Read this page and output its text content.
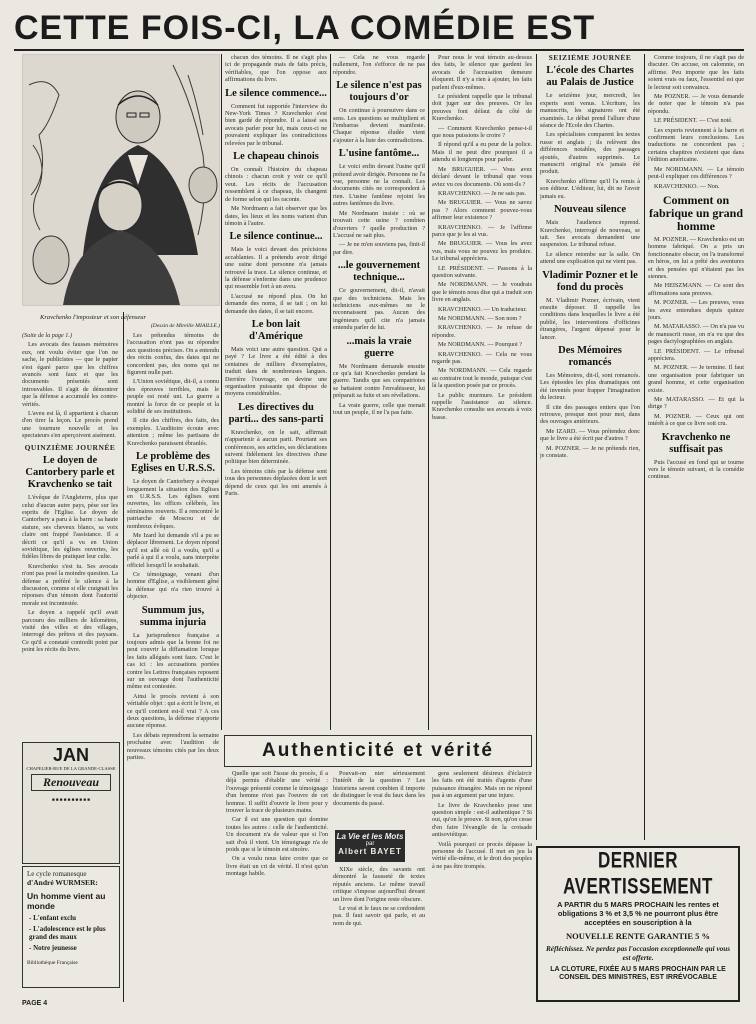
CETTE FOIS-CI, LA COMÉDIE EST
Kravchenko l'imposteur et son défenseur
(Dessin de Mireille MIAILLE.)

(Suite de la page 1.)

Les avocats des fausses mémoires eux, ont voulu éviter que l'on ne sache, le publicistes — que le papier s'est égaré parce que les chiffres avancés sont faux et que les documents présentés sont introuvables. Il s'agit de démontrer que la défense a accumulé les contre-vérités.

L'aveu est là, il appartient à chacun d'en tirer la leçon. Le procès prend une tournure nouvelle et les spectateurs s'en aperçoivent aisément.

QUINZIÈME JOURNÉE
Le doyen de Cantorbery parle et Kravchenko se tait

L'évêque de l'Angleterre, plus que celui d'aucun autre pays, pèse sur les esprits de l'Eglise. Le doyen de Cantorbery a paru à la barre : sa haute stature, ses cheveux blancs, sa voix claire ont frappé l'assistance. Il a décrit ce qu'il a vu en Union soviétique, les églises ouvertes, les fidèles libres de pratiquer leur culte.

Kravchenko s'est tu. Ses avocats n'ont pas posé la moindre question. La défense a préféré le silence à la discussion, comme si elle craignait les réponses d'un témoin dont l'autorité morale est incontestée.

Le doyen a rappelé qu'il avait parcouru des milliers de kilomètres, visité des villes et des villages, interrogé des prêtres et des paysans. Ce qu'il a constaté contredit point par point les récits du livre.

Les prétendus témoins de l'accusation n'ont pas su répondre aux questions précises. On a entendu des récits confus, des dates qui ne concordent pas, des noms qui ne figurent nulle part.

L'Union soviétique, dit-il, a connu des épreuves terribles, mais le peuple est resté uni. La guerre a montré la force de ce peuple et la solidité de ses institutions.

Il cite des chiffres, des faits, des exemples. L'auditoire écoute avec attention ; même les partisans de Kravchenko paraissent ébranlés.

Le problème des Eglises en U.R.S.S.

Le doyen de Cantorbery a évoqué longuement la situation des Eglises en U.R.S.S. Les églises sont ouvertes, les offices célébrés, les séminaires rouverts. Il a rencontré le patriarche de Moscou et de nombreux évêques.

Me Izard lui demande s'il a pu se déplacer librement. Le doyen répond qu'il est allé où il a voulu, qu'il a parlé à qui il a voulu, sans interprète officiel lorsqu'il le souhaitait.

Ce témoignage, venant d'un homme d'Eglise, a visiblement gêné la défense qui n'a rien trouvé à objecter.

Summum jus, summa injuria

La jurisprudence française a toujours admis que la bonne foi ne peut couvrir la diffamation lorsque les faits allégués sont faux. C'est le cas ici : les accusations portées contre les Lettres françaises reposent sur un ouvrage dont l'authenticité même est contestée.

Ainsi le procès revient à son véritable objet : qui a écrit le livre, et ce qu'il contient est-il vrai ? A ces deux questions, la défense n'apporte aucune réponse.

Les débats reprendront la semaine prochaine avec l'audition de nouveaux témoins cités par les deux parties.

chacun des témoins. Il ne s'agit plus ici de propagande mais de faits précis, vérifiables, que l'on oppose aux affirmations du livre.

Le silence commence...

Comment fut rapportée l'interview du New-York Times ? Kravchenko s'est bien gardé de répondre. Il a laissé ses avocats parler pour lui, mais ceux-ci ne pouvaient expliquer les contradictions relevées par le tribunal.

Le chapeau chinois

On connaît l'histoire du chapeau chinois : chacun croit y voir ce qu'il veut. Les récits de l'accusation ressemblent à ce chapeau, ils changent de forme selon qui les raconte.

Me Nordmann a fait observer que les dates, les lieux et les noms varient d'un témoin à l'autre.

Le silence continue...

Mais le voici devant des précisions accablantes. Il a prétendu avoir dirigé une usine dont personne n'a jamais retrouvé la trace. Le silence continue, et la défense s'enferme dans une prudence qui ressemble fort à un aveu.

L'accusé ne répond plus. On lui demande des noms, il se tait ; on lui demande des dates, il se tait encore.

Le bon lait d'Amérique

Mais voici une autre question. Qui a payé ? Le livre a été édité à des centaines de milliers d'exemplaires, traduit dans de nombreuses langues. Derrière l'ouvrage, on devine une organisation puissante qui dispose de moyens considérables.

Les directives du parti... des sans-parti

Kravchenko, on le sait, affirmait n'appartenir à aucun parti. Pourtant ses conférences, ses articles, ses déclarations suivent fidèlement les directives d'une politique bien déterminée.

Les témoins cités par la défense sont tous des personnes déplacées dont le sort dépend de ceux qui les ont amenés à Paris.

— Cela ne vous regarde nullement, l'on s'efforce de ne pas répondre.

Le silence n'est pas toujours d'or

On continue à poursuivre dans ce sens. Les questions se multiplient et l'embarras devient manifeste. Chaque réponse éludée vient s'ajouter à la liste des contradictions.

L'usine fantôme...

Le voici enfin devant l'usine qu'il prétend avoir dirigée. Personne ne l'a vue, personne ne la connaît. Les documents cités ne correspondent à rien. L'usine fantôme rejoint les autres fantômes du livre.

Me Nordmann insiste : où se trouvait cette usine ? combien d'ouvriers ? quelle production ? L'accusé ne sait plus.

— Je ne m'en souviens pas, finit-il par dire.

...le gouvernement technique...

Ce gouvernement, dit-il, n'avait que des techniciens. Mais les techniciens eux-mêmes ne le reconnaissent pas. Aucun des ingénieurs qu'il cite n'a jamais entendu parler de lui.

...mais la vraie guerre

Me Nordmann demande ensuite ce qu'a fait Kravchenko pendant la guerre. Tandis que ses compatriotes se battaient contre l'envahisseur, lui préparait sa fuite et ses révélations.

La vraie guerre, celle que menait tout un peuple, il ne l'a pas faite.

Pour nous le vrai témoin au-dessus des faits, le silence que gardent les avocats de l'accusation demeure éloquent. Il n'y a rien à ajouter, les faits parlent d'eux-mêmes.

Le président rappelle que le tribunal doit juger sur des preuves. Or les preuves font défaut du côté de Kravchenko.

— Comment Kravchenko pense-t-il que nous puissions le croire ?

Il répond qu'il a eu peur de la police. Mais il ne peut dire pourquoi il a attendu si longtemps pour parler.

Me BRUGUIER. — Vous avez déclaré devant le tribunal que vous aviez vu ces documents. Où sont-ils ?

KRAVCHENKO. — Je ne sais pas.

Me BRUGUIER. — Vous ne savez pas ? Alors comment pouvez-vous affirmer leur existence ?

KRAVCHENKO. — Je l'affirme parce que je les ai vus.

Me BRUGUIER. — Vous les avez vus, mais vous ne pouvez les produire. Le tribunal appréciera.

LE PRÉSIDENT. — Passons à la question suivante.

Me NORDMANN. — Je voudrais que le témoin nous dise qui a traduit son livre en anglais.

KRAVCHENKO. — Un traducteur.

Me NORDMANN. — Son nom ?

KRAVCHENKO. — Je refuse de répondre.

Me NORDMANN. — Pourquoi ?

KRAVCHENKO. — Cela ne vous regarde pas.

Me NORDMANN. — Cela regarde au contraire tout le monde, puisque c'est là la question posée par ce procès.

Le public murmure. Le président rappelle l'assistance au silence. Kravchenko consulte ses avocats à voix basse.

SEIZIÈME JOURNÉE
L'école des Chartes au Palais de Justice

Le seizième jour, mercredi, les experts sont venus. L'écriture, les manuscrits, les signatures ont été examinés. Le débat prend l'allure d'une séance de l'Ecole des Chartes.

Les spécialistes comparent les textes russe et anglais ; ils relèvent des différences notables, des passages ajoutés, d'autres supprimés. Le manuscrit original n'a jamais été produit.

Kravchenko affirme qu'il l'a remis à son éditeur. L'éditeur, lui, dit ne l'avoir jamais eu.

Nouveau silence

Mais l'audience reprend. Kravchenko, interrogé de nouveau, se tait. Ses avocats demandent une suspension. Le tribunal refuse.

Le silence retombe sur la salle. On attend une explication qui ne vient pas.

Vladimir Pozner et le fond du procès

M. Vladimir Pozner, écrivain, vient ensuite déposer. Il rappelle les conditions dans lesquelles le livre a été publié, les interventions d'officines étrangères, l'argent dépensé pour le lancer.

Des Mémoires romancés

Les Mémoires, dit-il, sont romancés. Les épisodes les plus dramatiques ont été inventés pour frapper l'imagination du lecteur.

Il cite des passages entiers que l'on retrouve, presque mot pour mot, dans des ouvrages antérieurs.

Me IZARD. — Vous prétendez donc que le livre a été écrit par d'autres ?

M. POZNER. — Je ne prétends rien, je constate.

Comme toujours, il ne s'agit pas de discuter. On accuse, on calomnie, on affirme. Peu importe que les faits soient vrais ou faux, l'essentiel est que le lecteur soit convaincu.

Me POZNER. — Je vous demande de noter que le témoin n'a pas répondu.

LE PRÉSIDENT. — C'est noté.

Les experts reviennent à la barre et confirment leurs conclusions. Les traductions ne concordent pas ; certains chapitres n'existent que dans l'édition américaine.

Me NORDMANN. — Le témoin peut-il expliquer ces différences ?

KRAVCHENKO. — Non.

Comment on fabrique un grand homme

M. POZNER. — Kravchenko est un homme fabriqué. On a pris un fonctionnaire obscur, on l'a transformé en héros, on lui a prêté des aventures et des pensées qui n'étaient pas les siennes.

Me HEISZMANN. — Ce sont des affirmations sans preuves.

M. POZNER. — Les preuves, vous les avez entendues depuis quinze jours.

M. MATARASSO. — On n'a pas vu de manuscrit russe, on n'a vu que des pages dactylographiées en anglais.

LE PRÉSIDENT. — Le tribunal appréciera.

M. POZNER. — Je termine. Il faut une organisation pour fabriquer un grand homme, et cette organisation existe.

Me MATARASSO. — Et qui la dirige ?

M. POZNER. — Ceux qui ont intérêt à ce que ce livre soit cru.

Kravchenko ne suffisait pas

Puis l'accusé en fond qui se tourne vers le témoin suivant, et la comédie continue.

Authenticité et vérité

Quelle que soit l'issue du procès, il a déjà permis d'établir une vérité : l'ouvrage présenté comme le témoignage d'un homme n'est pas l'oeuvre de cet homme. Il suffit d'ouvrir le livre pour y trouver la trace de plusieurs mains.

Car il est une question qui domine toutes les autres : celle de l'authenticité. Un document n'a de valeur que si l'on sait d'où il vient. Un témoignage n'a de poids que si le témoin est sincère.

On a voulu nous faire croire que ce livre était un cri de vérité. Il n'est qu'un montage habile.

La Vie et les Mots
par
Albert BAYET

Pouvait-on nier sérieusement l'intérêt de la question ? Les historiens savent combien il importe de distinguer le vrai du faux dans les documents du passé.

XIXe siècle, des savants ont démontré la fausseté de textes réputés anciens. Le même travail critique s'impose aujourd'hui devant un livre dont l'origine reste obscure.

Le vrai et le faux ne se confondent pas. Il faut savoir qui parle, et au nom de qui.

gens seulement désireux d'éclaircir les faits ont été traités d'agents d'une puissance étrangère. Mais on ne répond pas à un argument par une injure.

Le livre de Kravchenko pose une question simple : est-il authentique ? Si oui, qu'on le prouve. Si non, qu'on cesse d'en faire l'évangile de la croisade antisoviétique.

Voilà pourquoi ce procès dépasse la personne de l'accusé. Il met en jeu la vérité elle-même, et le droit des peuples à ne pas être trompés.

JAN
CHAPELIER-RUE DE LA GRANDE-CLASSE
Renouveau
■ ■ ■ ■ ■ ■ ■ ■ ■ ■
Le cycle romanesque
d'André WURMSER:
Un homme vient au monde
- L'enfant exclu
- L'adolescence est le plus grand des maux
- Notre jeunesse
Bibliothèque Française
DERNIER AVERTISSEMENT
A PARTIR du 5 MARS PROCHAIN les rentes et obligations 3 % et 3,5 % ne pourront plus être acceptées en souscription à la
NOUVELLE RENTE GARANTIE 5 %
Réfléchissez. Ne perdez pas l'occasion exceptionnelle qui vous est offerte.
LA CLOTURE, FIXÉE AU 5 MARS PROCHAIN PAR LE CONSEIL DES MINISTRES, EST IRRÉVOCABLE
PAGE 4
